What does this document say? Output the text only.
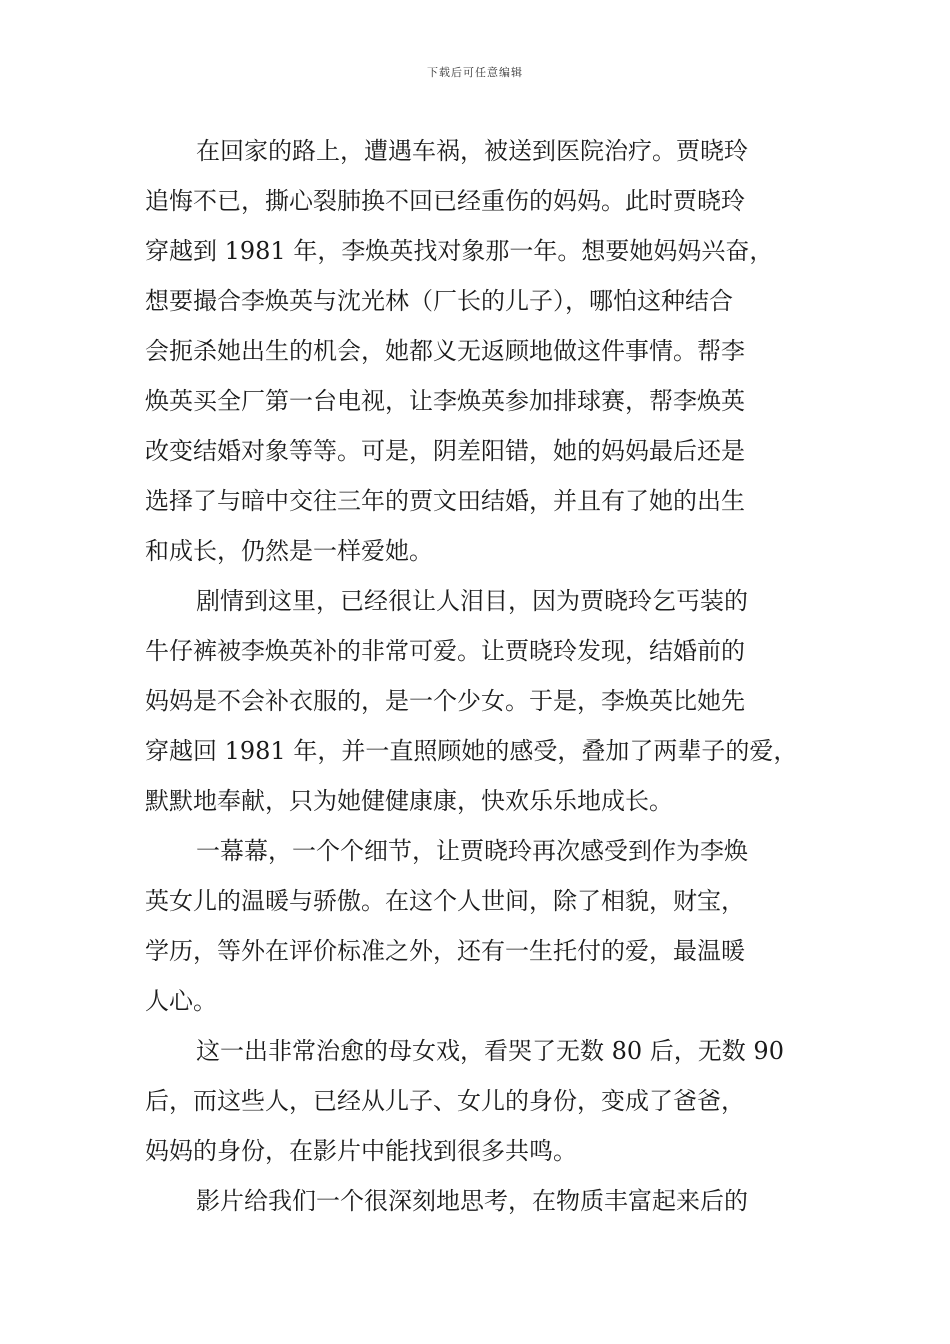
下载后可任意编辑
在回家的路上，遭遇车祸，被送到医院治疗。贾晓玲
追悔不已，撕心裂肺换不回已经重伤的妈妈。此时贾晓玲
穿越到 1981 年，李焕英找对象那一年。想要她妈妈兴奋，
想要撮合李焕英与沈光林（厂长的儿子），哪怕这种结合
会扼杀她出生的机会，她都义无返顾地做这件事情。帮李
焕英买全厂第一台电视，让李焕英参加排球赛，帮李焕英
改变结婚对象等等。可是，阴差阳错，她的妈妈最后还是
选择了与暗中交往三年的贾文田结婚，并且有了她的出生
和成长，仍然是一样爱她。
剧情到这里，已经很让人泪目，因为贾晓玲乞丐装的
牛仔裤被李焕英补的非常可爱。让贾晓玲发现，结婚前的
妈妈是不会补衣服的，是一个少女。于是，李焕英比她先
穿越回 1981 年，并一直照顾她的感受，叠加了两辈子的爱，
默默地奉献，只为她健健康康，快欢乐乐地成长。
一幕幕，一个个细节，让贾晓玲再次感受到作为李焕
英女儿的温暖与骄傲。在这个人世间，除了相貌，财宝，
学历，等外在评价标准之外，还有一生托付的爱，最温暖
人心。
这一出非常治愈的母女戏，看哭了无数 80 后，无数 90
后，而这些人，已经从儿子、女儿的身份，变成了爸爸，
妈妈的身份，在影片中能找到很多共鸣。
影片给我们一个很深刻地思考，在物质丰富起来后的
